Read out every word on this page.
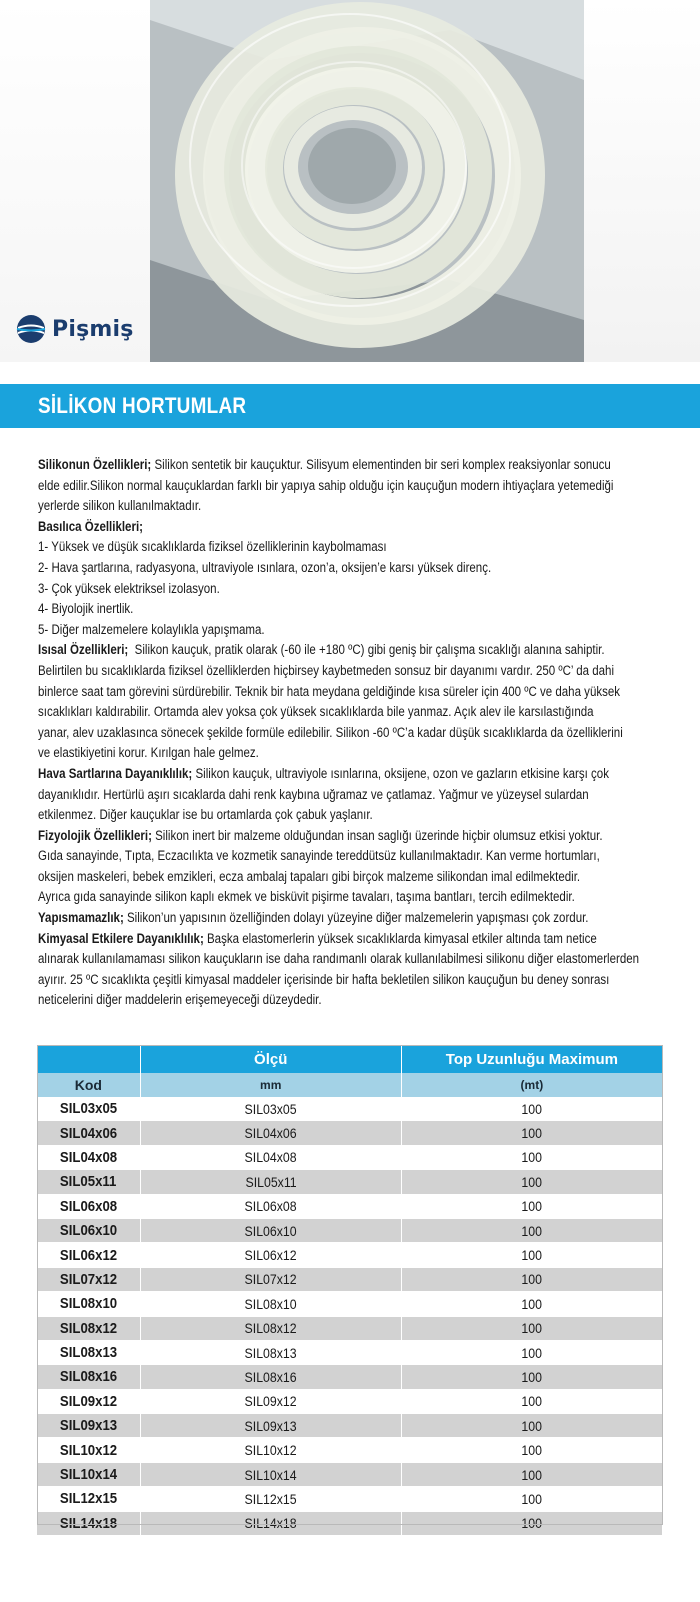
Pişmiş
SİLİKON HORTUMLAR

Silikonun Özellikleri; Silikon sentetik bir kauçuktur. Silisyum elementinden bir seri komplex reaksiyonlar sonucu

elde edilir.Silikon normal kauçuklardan farklı bir yapıya sahip olduğu için kauçuğun modern ihtiyaçlara yetemediği

yerlerde silikon kullanılmaktadır.

Basılıca Özellikleri;

1- Yüksek ve düşük sıcaklıklarda fiziksel özelliklerinin kaybolmaması

2- Hava şartlarına, radyasyona, ultraviyole ısınlara, ozon’a, oksijen’e karsı yüksek direnç.

3- Çok yüksek elektriksel izolasyon.

4- Biyolojik inertlik.

5- Diğer malzemelere kolaylıkla yapışmama.

Isısal Özellikleri;  Silikon kauçuk, pratik olarak (-60 ile +180 ºC) gibi geniş bir çalışma sıcaklığı alanına sahiptir.

Belirtilen bu sıcaklıklarda fiziksel özelliklerden hiçbirsey kaybetmeden sonsuz bir dayanımı vardır. 250 ºC’ da dahi

binlerce saat tam görevini sürdürebilir. Teknik bir hata meydana geldiğinde kısa süreler için 400 ºC ve daha yüksek

sıcaklıkları kaldırabilir. Ortamda alev yoksa çok yüksek sıcaklıklarda bile yanmaz. Açık alev ile karsılastığında

yanar, alev uzaklasınca sönecek şekilde formüle edilebilir. Silikon -60 ºC’a kadar düşük sıcaklıklarda da özelliklerini

ve elastikiyetini korur. Kırılgan hale gelmez.

Hava Sartlarına Dayanıklılık; Silikon kauçuk, ultraviyole ısınlarına, oksijene, ozon ve gazların etkisine karşı çok

dayanıklıdır. Hertürlü aşırı sıcaklarda dahi renk kaybına uğramaz ve çatlamaz. Yağmur ve yüzeysel sulardan

etkilenmez. Diğer kauçuklar ise bu ortamlarda çok çabuk yaşlanır.

Fizyolojik Özellikleri; Silikon inert bir malzeme olduğundan insan saglığı üzerinde hiçbir olumsuz etkisi yoktur.

Gıda sanayinde, Tıpta, Eczacılıkta ve kozmetik sanayinde tereddütsüz kullanılmaktadır. Kan verme hortumları,

oksijen maskeleri, bebek emzikleri, ecza ambalaj tapaları gibi birçok malzeme silikondan imal edilmektedir.

Ayrıca gıda sanayinde silikon kaplı ekmek ve bisküvit pişirme tavaları, taşıma bantları, tercih edilmektedir.

Yapısmamazlık; Silikon’un yapısının özelliğinden dolayı yüzeyine diğer malzemelerin yapışması çok zordur.

Kimyasal Etkilere Dayanıklılık; Başka elastomerlerin yüksek sıcaklıklarda kimyasal etkiler altında tam netice

alınarak kullanılamaması silikon kauçukların ise daha randımanlı olarak kullanılabilmesi silikonu diğer elastomerlerden

ayırır. 25 ºC sıcaklıkta çeşitli kimyasal maddeler içerisinde bir hafta bekletilen silikon kauçuğun bu deney sonrası

neticelerini diğer maddelerin erişemeyeceği düzeydedir.

	Ölçü	Top Uzunluğu Maximum
Kod	mm	(mt)
SIL03x05	SIL03x05	100
SIL04x06	SIL04x06	100
SIL04x08	SIL04x08	100
SIL05x11	SIL05x11	100
SIL06x08	SIL06x08	100
SIL06x10	SIL06x10	100
SIL06x12	SIL06x12	100
SIL07x12	SIL07x12	100
SIL08x10	SIL08x10	100
SIL08x12	SIL08x12	100
SIL08x13	SIL08x13	100
SIL08x16	SIL08x16	100
SIL09x12	SIL09x12	100
SIL09x13	SIL09x13	100
SIL10x12	SIL10x12	100
SIL10x14	SIL10x14	100
SIL12x15	SIL12x15	100
SIL14x18	SIL14x18	100
